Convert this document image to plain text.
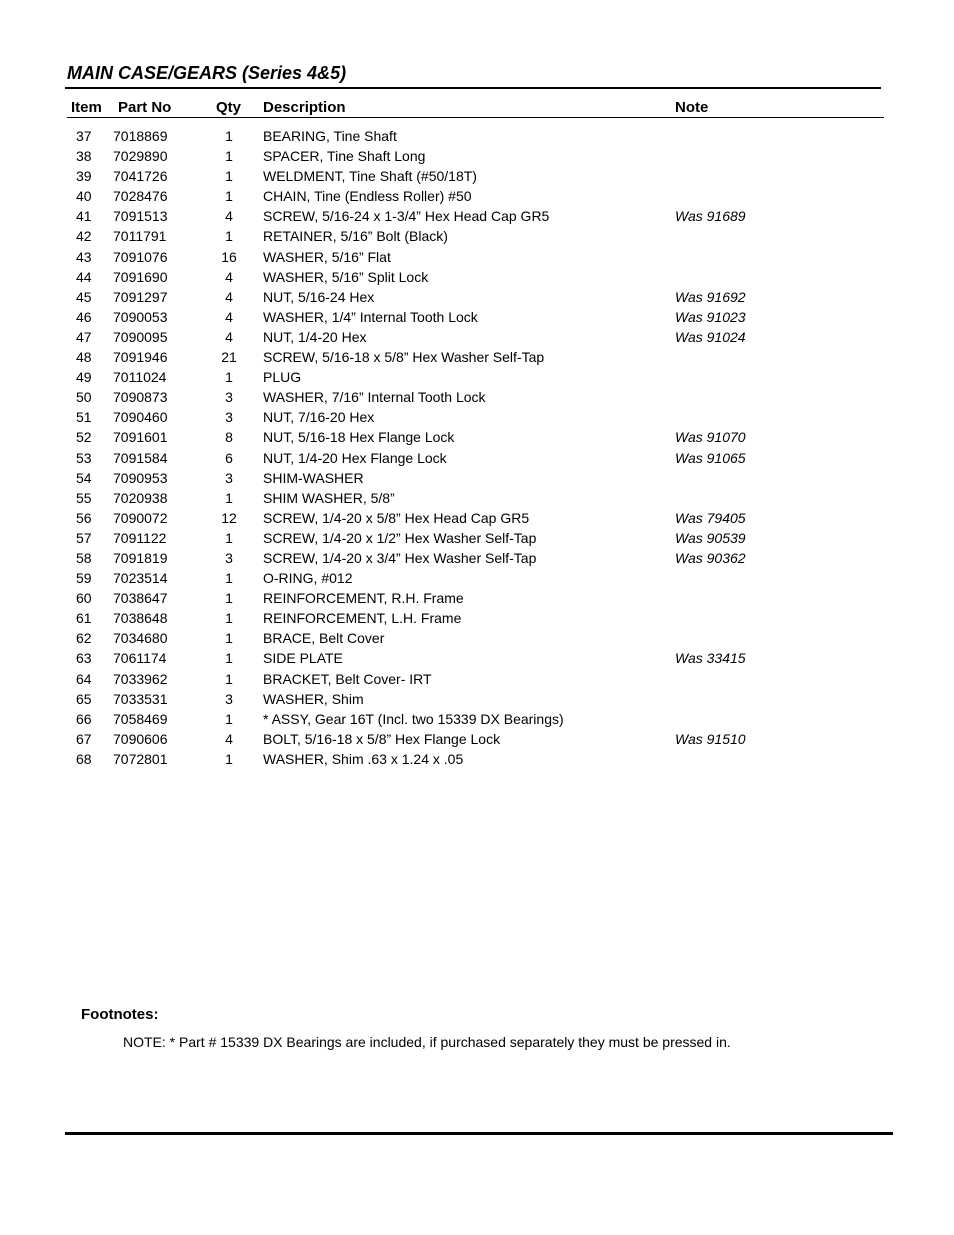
MAIN CASE/GEARS (Series 4&5)
Item Part No	Qty Description	Note
37 7018869	1	BEARING, Tine Shaft
38 7029890	1	SPACER, Tine Shaft Long
39 7041726	1	WELDMENT, Tine Shaft (#50/18T)
40 7028476	1	CHAIN, Tine (Endless Roller) #50
41 7091513	4	SCREW, 5/16-24 x 1-3/4” Hex Head Cap GR5	Was 91689
42 7011791	1	RETAINER, 5/16” Bolt (Black)
43 7091076	16	WASHER, 5/16” Flat
44 7091690	4	WASHER, 5/16” Split Lock
45 7091297	4	NUT, 5/16-24 Hex	Was 91692
46 7090053	4	WASHER, 1/4” Internal Tooth Lock	Was 91023
47 7090095	4	NUT, 1/4-20 Hex	Was 91024
48 7091946	21	SCREW, 5/16-18 x 5/8” Hex Washer Self-Tap
49 7011024	1	PLUG
50 7090873	3	WASHER, 7/16” Internal Tooth Lock
51 7090460	3	NUT, 7/16-20 Hex
52 7091601	8	NUT, 5/16-18 Hex Flange Lock	Was 91070
53 7091584	6	NUT, 1/4-20 Hex Flange Lock	Was 91065
54 7090953	3	SHIM-WASHER
55 7020938	1	SHIM WASHER, 5/8”
56 7090072	12	SCREW, 1/4-20 x 5/8” Hex Head Cap GR5	Was 79405
57 7091122	1	SCREW, 1/4-20 x 1/2” Hex Washer Self-Tap	Was 90539
58 7091819	3	SCREW, 1/4-20 x 3/4” Hex Washer Self-Tap	Was 90362
59 7023514	1	O-RING, #012
60 7038647	1	REINFORCEMENT, R.H. Frame
61 7038648	1	REINFORCEMENT, L.H. Frame
62 7034680	1	BRACE, Belt Cover
63 7061174	1	SIDE PLATE	Was 33415
64 7033962	1	BRACKET, Belt Cover- IRT
65 7033531	3	WASHER, Shim
66 7058469	1	* ASSY, Gear 16T (Incl. two 15339 DX Bearings)
67 7090606	4	BOLT, 5/16-18 x 5/8” Hex Flange Lock	Was 91510
68 7072801	1	WASHER, Shim .63 x 1.24 x .05
Footnotes:
NOTE: * Part # 15339 DX Bearings are included, if purchased separately they must be pressed in.
